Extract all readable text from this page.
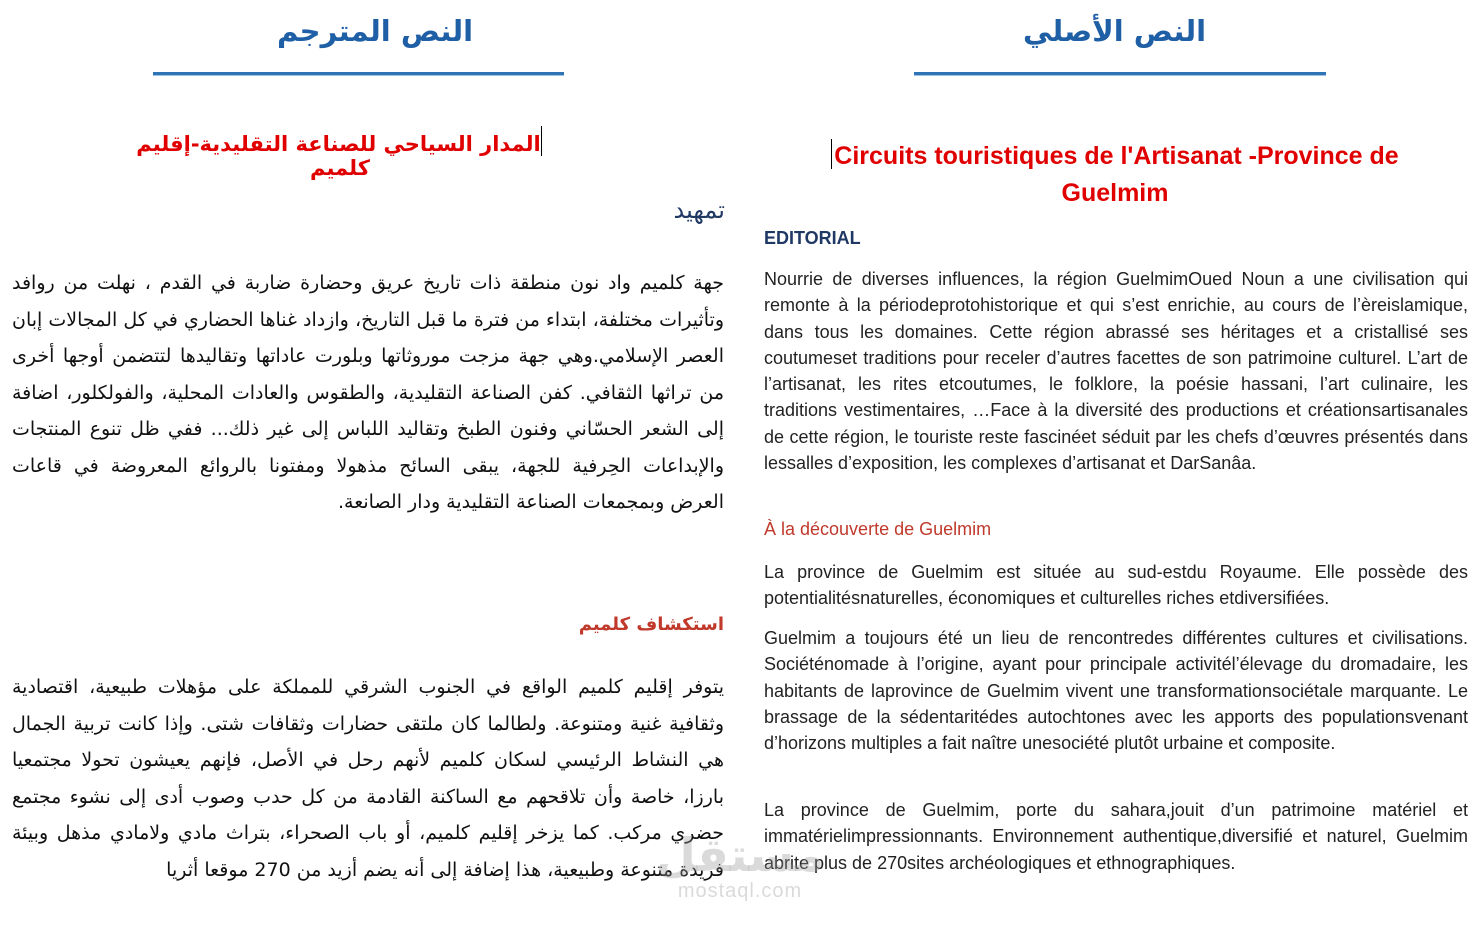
النص الأصلي
Circuits touristiques de l'Artisanat -Province de Guelmim
EDITORIAL
Nourrie de diverses influences, la région GuelmimOued Noun a une civilisation qui remonte à la périodeprotohistorique et qui s’est enrichie, au cours de l’èreislamique, dans tous les domaines. Cette région abrassé ses héritages et a cristallisé ses coutumeset traditions pour receler d’autres facettes de son patrimoine culturel. L’art de l’artisanat, les rites etcoutumes, le folklore, la poésie hassani, l’art culinaire, les traditions vestimentaires, …Face à la diversité des productions et créationsartisanales de cette région, le touriste reste fascinéet séduit par les chefs d’œuvres présentés dans lessalles d’exposition, les complexes d’artisanat et DarSanâa.
À la découverte de Guelmim
La province de Guelmim est située au sud-estdu Royaume. Elle possède des potentialitésnaturelles, économiques et culturelles riches etdiversifiées.
Guelmim a toujours été un lieu de rencontredes différentes cultures et civilisations. Sociéténomade à l’origine, ayant pour principale activitél’élevage du dromadaire, les habitants de laprovince de Guelmim vivent une transformationsociétale marquante. Le brassage de la sédentaritédes autochtones avec les apports des populationsvenant d’horizons multiples a fait naître unesociété plutôt urbaine et composite.
La province de Guelmim, porte du sahara,jouit d’un patrimoine matériel et immatérielimpressionnants. Environnement authentique,diversifié et naturel, Guelmim abrite plus de 270sites archéologiques et ethnographiques.
النص المترجم
المدار السياحي للصناعة التقليدية-إقليم كلميم
تمهيد
جهة كلميم واد نون منطقة ذات تاريخ عريق وحضارة ضاربة في القدم ، نهلت من روافد وتأثيرات مختلفة، ابتداء من فترة ما قبل التاريخ، وازداد غناها الحضاري في كل المجالات إبان العصر الإسلامي.وهي جهة مزجت موروثاتها وبلورت عاداتها وتقاليدها لتتضمن أوجها أخرى من تراثها الثقافي. كفن الصناعة التقليدية، والطقوس والعادات المحلية، والفولكلور، اضافة إلى الشعر الحسّاني وفنون الطبخ وتقاليد اللباس إلى غير ذلك... ففي ظل تنوع المنتجات والإبداعات الحِرفية للجهة، يبقى السائح مذهولا ومفتونا بالروائع المعروضة في قاعات العرض وبمجمعات الصناعة التقليدية ودار الصانعة.
استكشاف كلميم
يتوفر إقليم كلميم الواقع في الجنوب الشرقي للمملكة على مؤهلات طبيعية، اقتصادية وثقافية غنية ومتنوعة. ولطالما كان ملتقى حضارات وثقافات شتى. وإذا كانت تربية الجمال هي النشاط الرئيسي لسكان كلميم لأنهم رحل في الأصل، فإنهم يعيشون تحولا مجتمعيا بارزا، خاصة وأن تلاقحهم مع الساكنة القادمة من كل حدب وصوب أدى إلى نشوء مجتمع حضري مركب. كما يزخر إقليم كلميم، أو باب الصحراء، بتراث مادي ولامادي مذهل وبيئة فريدة متنوعة وطبيعية، هذا إضافة إلى أنه يضم أزيد من 270 موقعا أثريا
مستقل
mostaql.com
